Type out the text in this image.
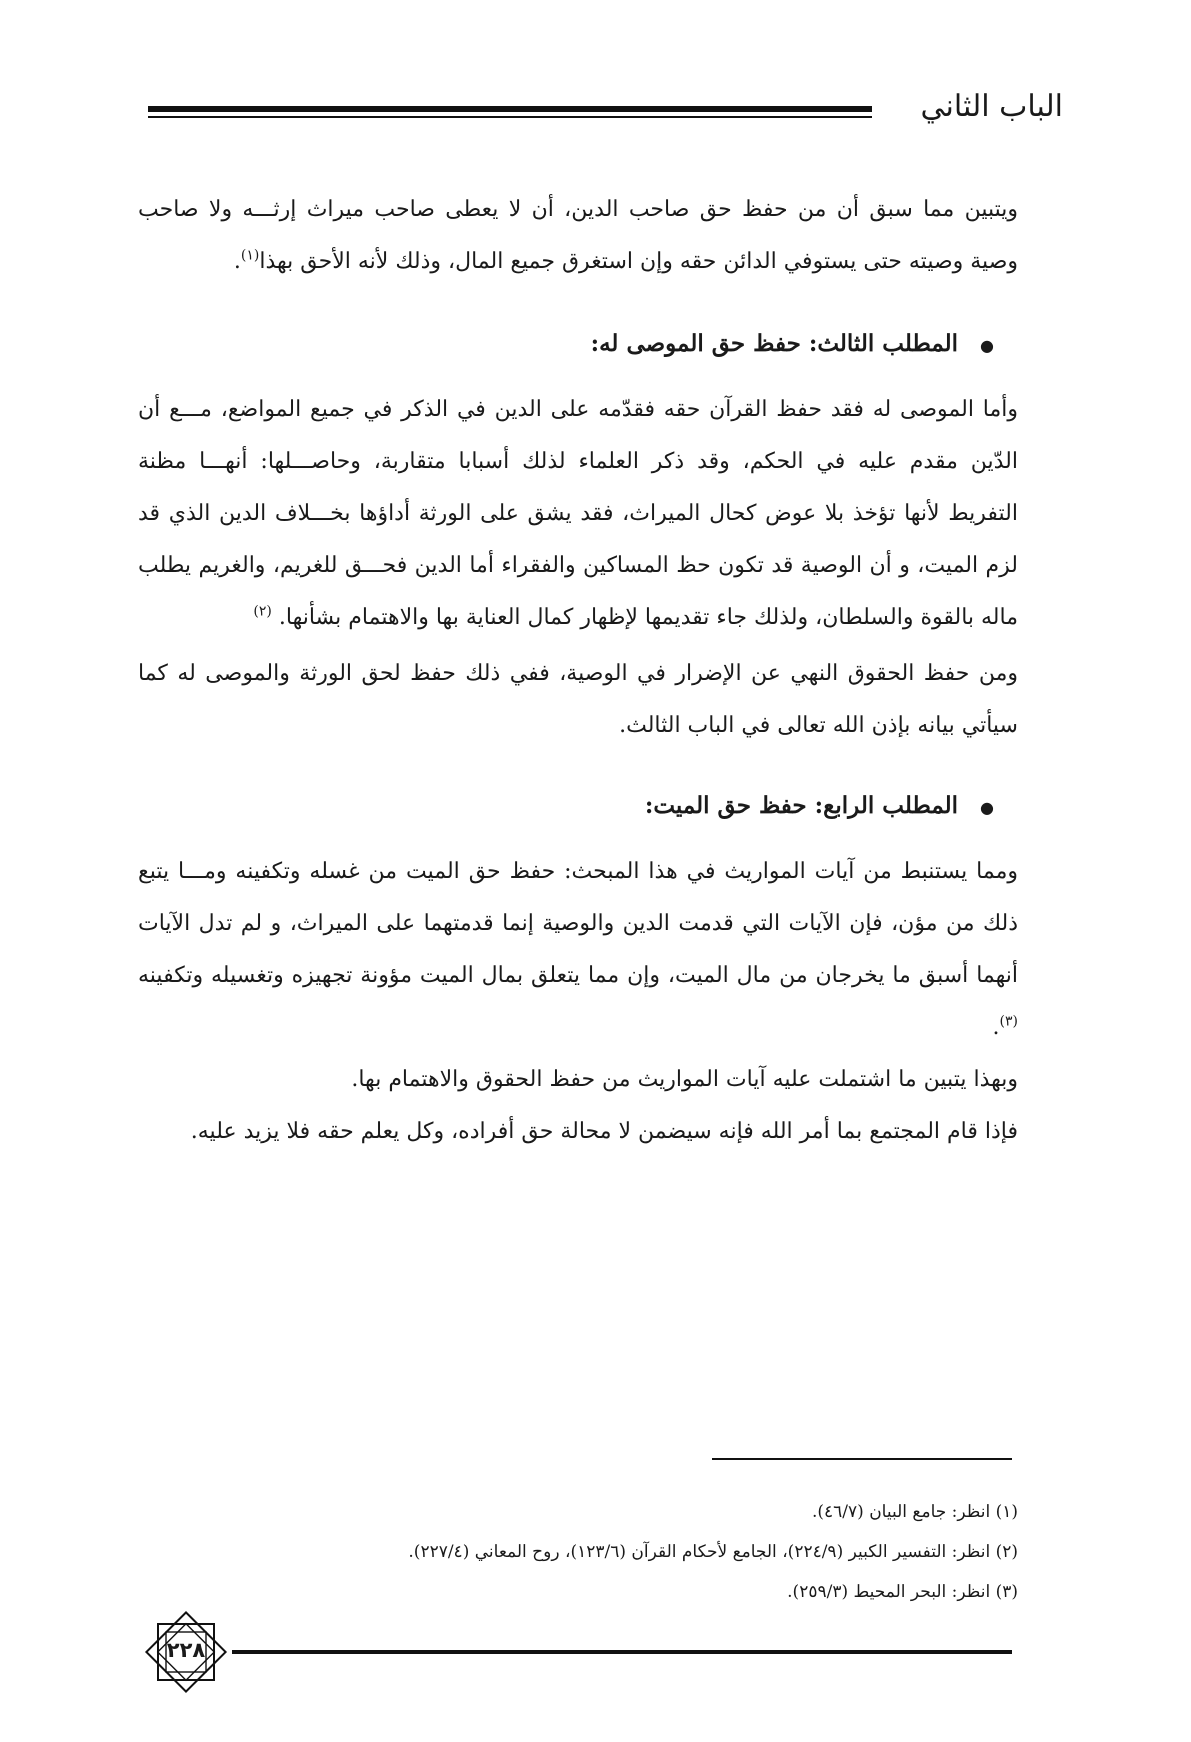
الباب الثاني

ويتبين مما سبق أن من حفظ حق صاحب الدين، أن لا يعطى صاحب ميراث إرثـــه ولا صاحب وصية وصيته حتى يستوفي الدائن حقه وإن استغرق جميع المال، وذلك لأنه الأحق بهذا$^{(١)}$.

●المطلب الثالث: حفظ حق الموصى له:

وأما الموصى له فقد حفظ القرآن حقه فقدّمه على الدين في الذكر في جميع المواضع، مـــع أن الدّين مقدم عليه في الحكم، وقد ذكر العلماء لذلك أسبابا متقاربة، وحاصـــلها: أنهـــا مظنة التفريط لأنها تؤخذ بلا عوض كحال الميراث، فقد يشق على الورثة أداؤها بخـــلاف الدين الذي قد لزم الميت، و أن الوصية قد تكون حظ المساكين والفقراء أما الدين فحـــق للغريم، والغريم يطلب ماله بالقوة والسلطان، ولذلك جاء تقديمها لإظهار كمال العناية بها والاهتمام بشأنها. $^{(٢)}$

ومن حفظ الحقوق النهي عن الإضرار في الوصية، ففي ذلك حفظ لحق الورثة والموصى له كما سيأتي بيانه بإذن الله تعالى في الباب الثالث.

●المطلب الرابع: حفظ حق الميت:

ومما يستنبط من آيات المواريث في هذا المبحث: حفظ حق الميت من غسله وتكفينه ومـــا يتبع ذلك من مؤن، فإن الآيات التي قدمت الدين والوصية إنما قدمتهما على الميراث، و لم تدل الآيات أنهما أسبق ما يخرجان من مال الميت، وإن مما يتعلق بمال الميت مؤونة تجهيزه وتغسيله وتكفينه $^{(٣)}$.

وبهذا يتبين ما اشتملت عليه آيات المواريث من حفظ الحقوق والاهتمام بها.

فإذا قام المجتمع بما أمر الله فإنه سيضمن لا محالة حق أفراده، وكل يعلم حقه فلا يزيد عليه.

(١) انظر: جامع البيان (٤٦/٧).

(٢) انظر: التفسير الكبير (٢٢٤/٩)، الجامع لأحكام القرآن (١٢٣/٦)، روح المعاني (٢٢٧/٤).

(٣) انظر: البحر المحيط (٢٥٩/٣).

٢٢٨
